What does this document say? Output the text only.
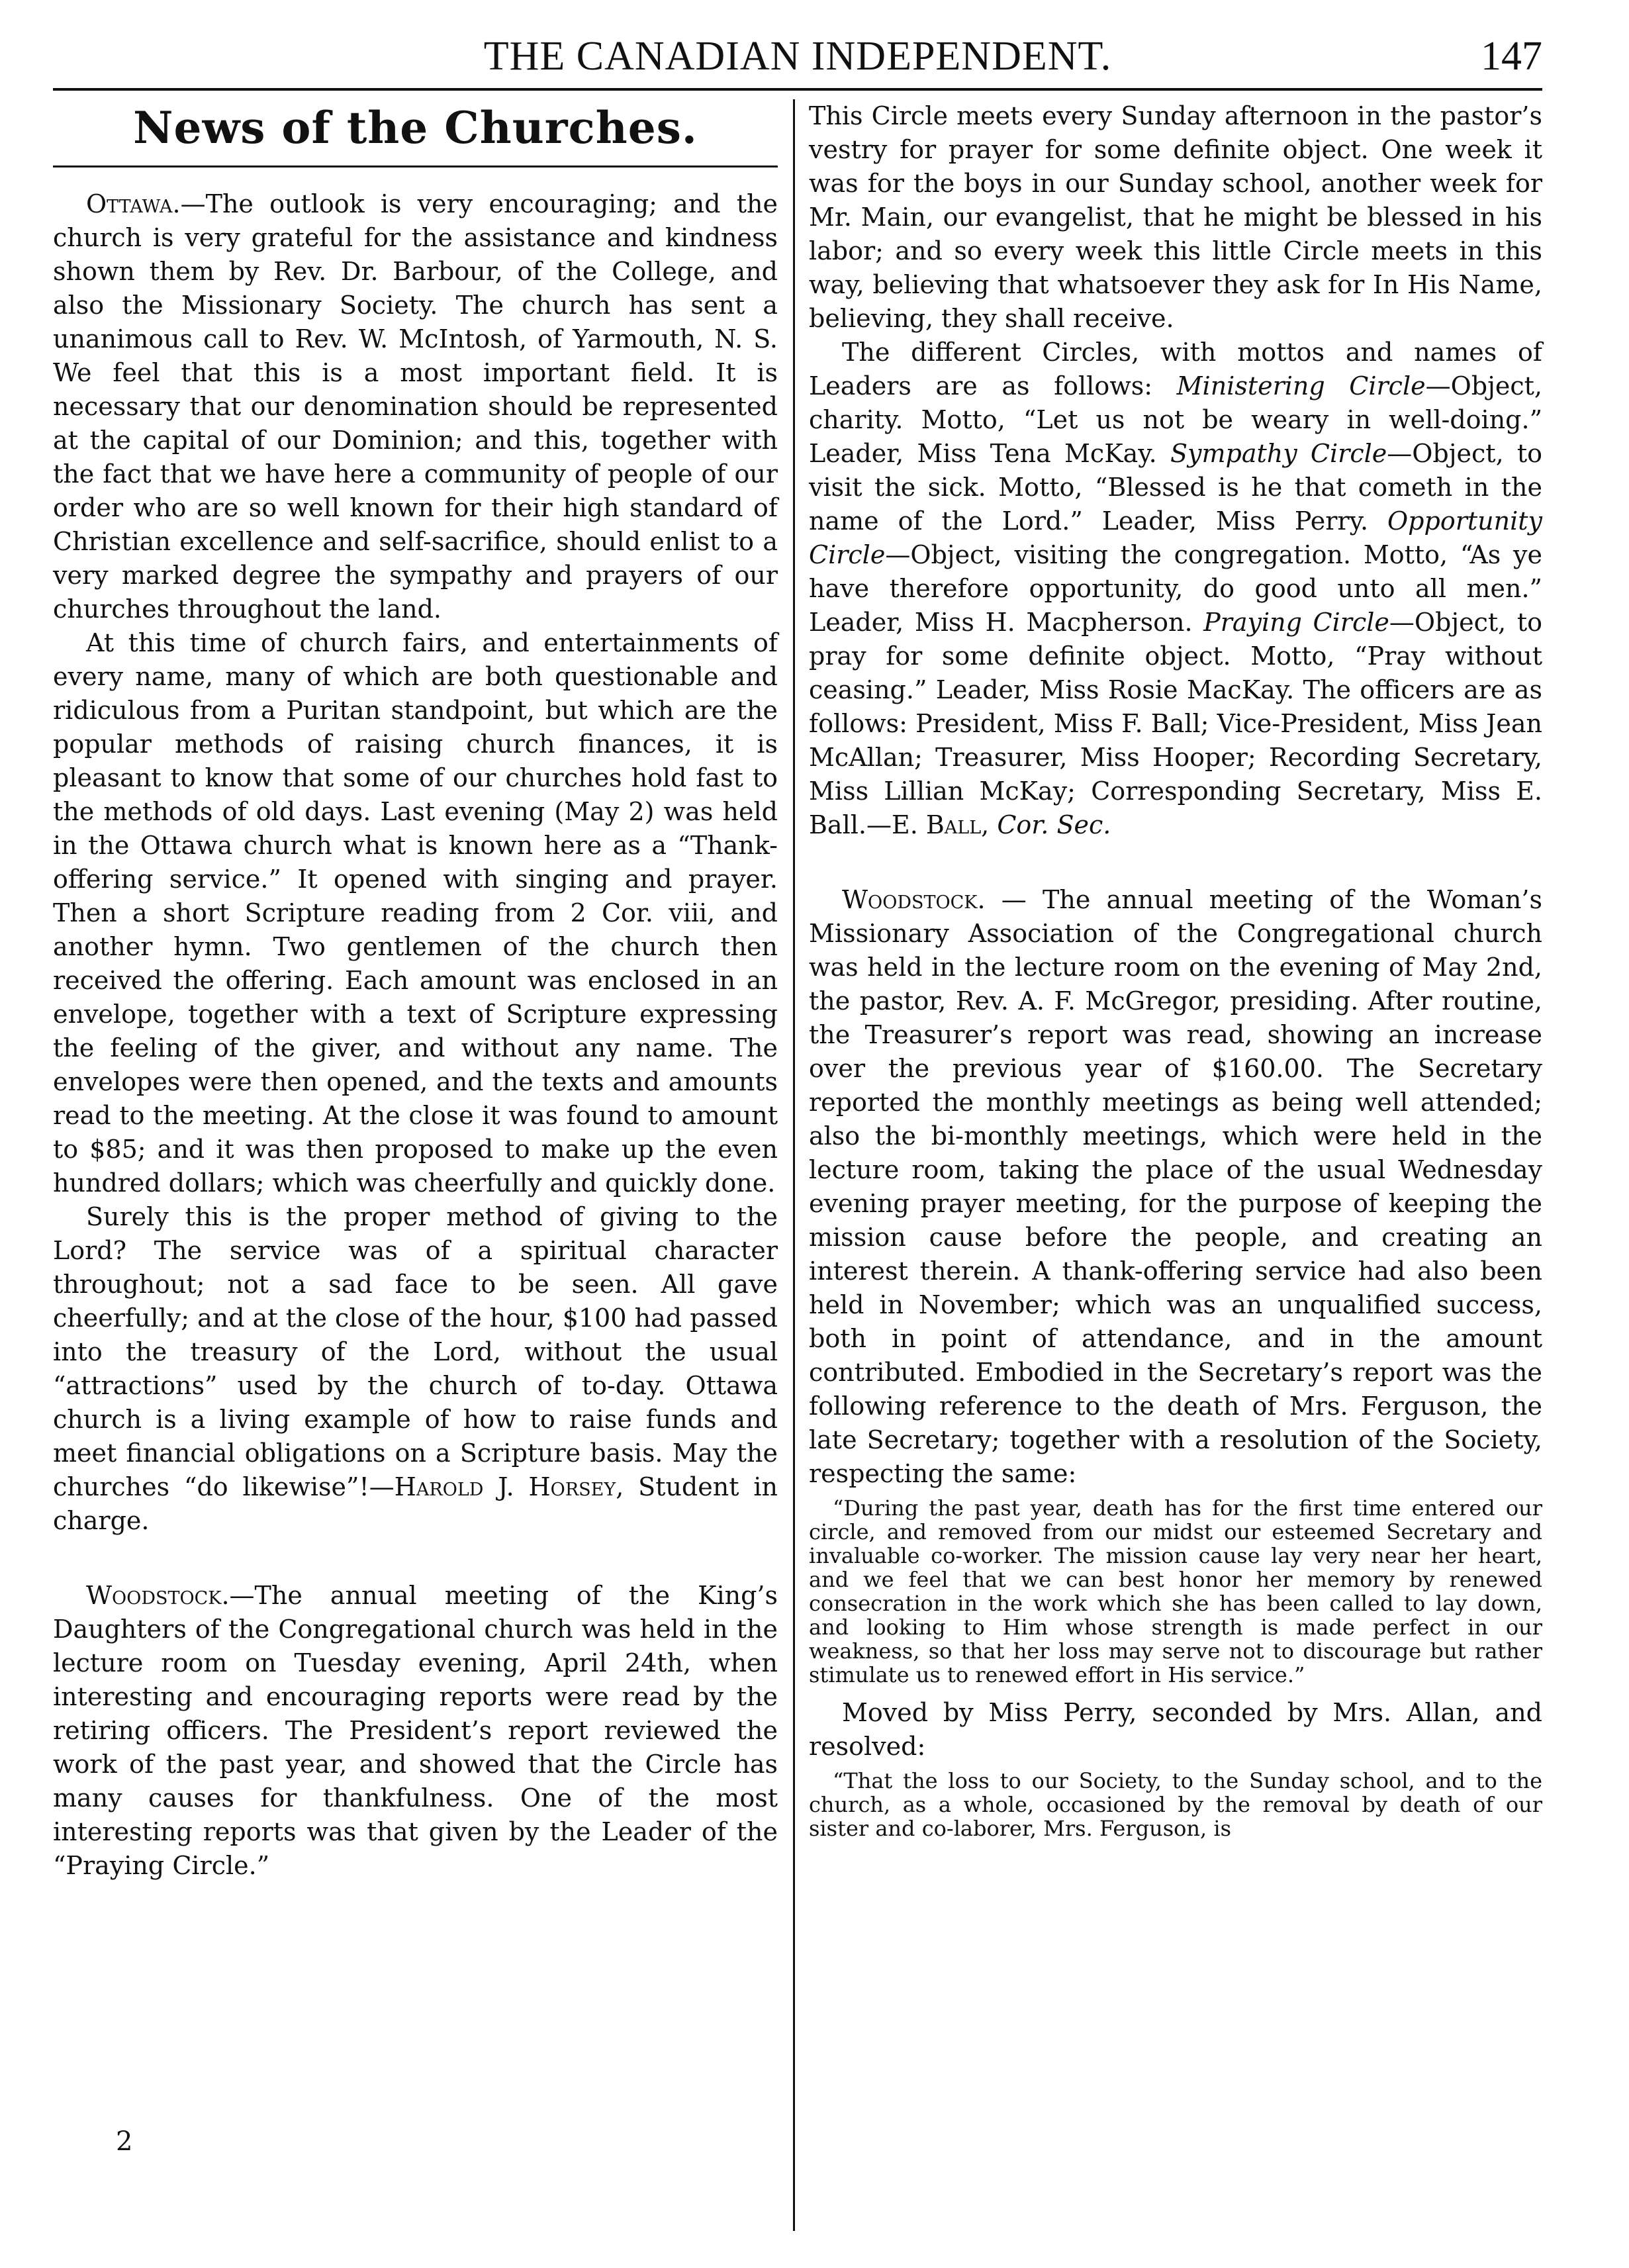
THE CANADIAN INDEPENDENT.	147
News of the Churches.

Ottawa.—The outlook is very encouraging; and the church is very grateful for the assistance and kindness shown them by Rev. Dr. Barbour, of the College, and also the Missionary Society. The church has sent a unanimous call to Rev. W. McIntosh, of Yarmouth, N. S. We feel that this is a most important field. It is necessary that our denomination should be represented at the capital of our Dominion; and this, together with the fact that we have here a community of people of our order who are so well known for their high standard of Christian excellence and self-sacrifice, should enlist to a very marked degree the sympathy and prayers of our churches throughout the land.

At this time of church fairs, and entertainments of every name, many of which are both questionable and ridiculous from a Puritan standpoint, but which are the popular methods of raising church finances, it is pleasant to know that some of our churches hold fast to the methods of old days. Last evening (May 2) was held in the Ottawa church what is known here as a “Thank-offering service.” It opened with singing and prayer. Then a short Scripture reading from 2 Cor. viii, and another hymn. Two gentlemen of the church then received the offering. Each amount was enclosed in an envelope, together with a text of Scripture expressing the feeling of the giver, and without any name. The envelopes were then opened, and the texts and amounts read to the meeting. At the close it was found to amount to $85; and it was then proposed to make up the even hundred dollars; which was cheerfully and quickly done.

Surely this is the proper method of giving to the Lord? The service was of a spiritual character throughout; not a sad face to be seen. All gave cheerfully; and at the close of the hour, $100 had passed into the treasury of the Lord, without the usual “attractions” used by the church of to-day. Ottawa church is a living example of how to raise funds and meet financial obligations on a Scripture basis. May the churches “do likewise”!—Harold J. Horsey, Student in charge.

Woodstock.—The annual meeting of the King’s Daughters of the Congregational church was held in the lecture room on Tuesday evening, April 24th, when interesting and encouraging reports were read by the retiring officers. The President’s report reviewed the work of the past year, and showed that the Circle has many causes for thankfulness. One of the most interesting reports was that given by the Leader of the “Praying Circle.”

2

This Circle meets every Sunday afternoon in the pastor’s vestry for prayer for some definite object. One week it was for the boys in our Sunday school, another week for Mr. Main, our evangelist, that he might be blessed in his labor; and so every week this little Circle meets in this way, believing that whatsoever they ask for In His Name, believing, they shall receive.

The different Circles, with mottos and names of Leaders are as follows: Ministering Circle—Object, charity. Motto, “Let us not be weary in well-doing.” Leader, Miss Tena McKay. Sympathy Circle—Object, to visit the sick. Motto, “Blessed is he that cometh in the name of the Lord.” Leader, Miss Perry. Opportunity Circle—Object, visiting the congregation. Motto, “As ye have therefore opportunity, do good unto all men.” Leader, Miss H. Macpherson. Praying Circle—Object, to pray for some definite object. Motto, “Pray without ceasing.” Leader, Miss Rosie MacKay. The officers are as follows: President, Miss F. Ball; Vice-President, Miss Jean McAllan; Treasurer, Miss Hooper; Recording Secretary, Miss Lillian McKay; Corresponding Secretary, Miss E. Ball.—E. Ball, Cor. Sec.

Woodstock. — The annual meeting of the Woman’s Missionary Association of the Congregational church was held in the lecture room on the evening of May 2nd, the pastor, Rev. A. F. McGregor, presiding. After routine, the Treasurer’s report was read, showing an increase over the previous year of $160.00. The Secretary reported the monthly meetings as being well attended; also the bi-monthly meetings, which were held in the lecture room, taking the place of the usual Wednesday evening prayer meeting, for the purpose of keeping the mission cause before the people, and creating an interest therein. A thank-offering service had also been held in November; which was an unqualified success, both in point of attendance, and in the amount contributed. Embodied in the Secretary’s report was the following reference to the death of Mrs. Ferguson, the late Secretary; together with a resolution of the Society, respecting the same:

“During the past year, death has for the first time entered our circle, and removed from our midst our esteemed Secretary and invaluable co-worker. The mission cause lay very near her heart, and we feel that we can best honor her memory by renewed consecration in the work which she has been called to lay down, and looking to Him whose strength is made perfect in our weakness, so that her loss may serve not to discourage but rather stimulate us to renewed effort in His service.”

Moved by Miss Perry, seconded by Mrs. Allan, and resolved:

“That the loss to our Society, to the Sunday school, and to the church, as a whole, occasioned by the removal by death of our sister and co-laborer, Mrs. Ferguson, is
